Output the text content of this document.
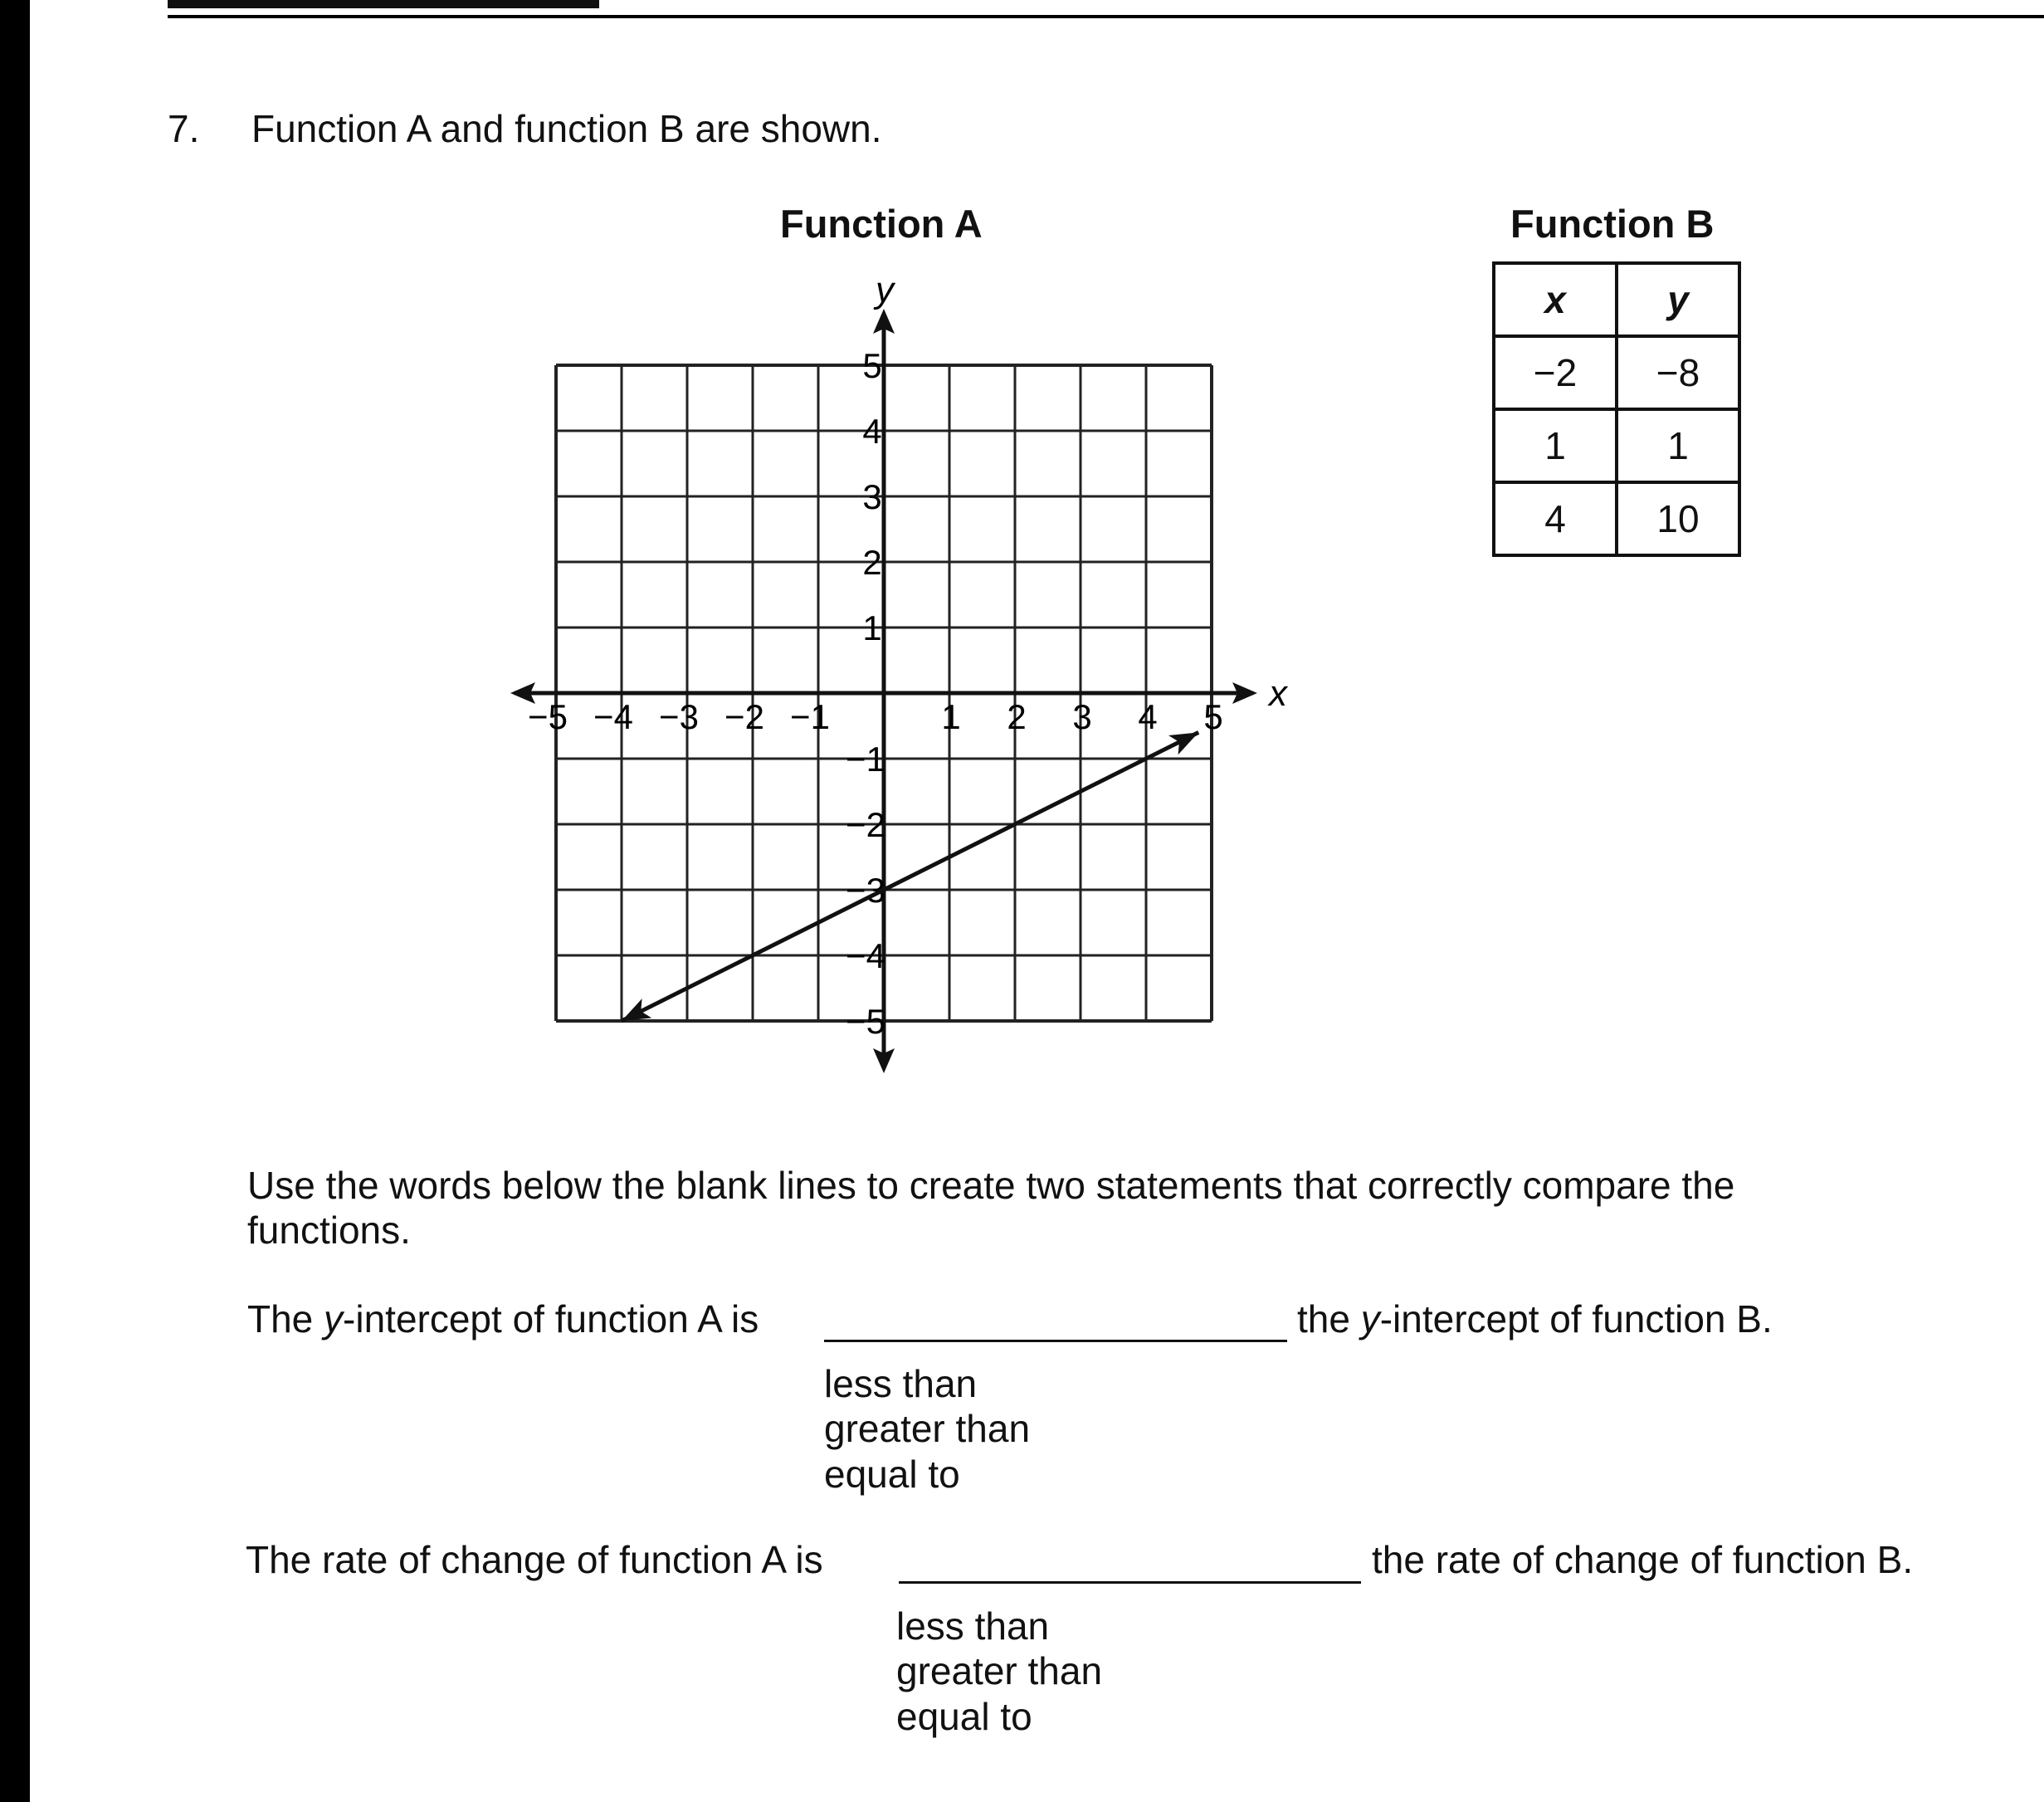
7. Function A and function B are shown.

Function A	Function B

x
y
−5 −4 −3 −2 −1	1 2 3 4 5
1
2
3
4
5
−1
−2
−3
−4
−5
x	y
−2	−8
1	1
4	10

Use the words below the blank lines to create two statements that correctly compare the functions.

The y-intercept of function A is	the y-intercept of function B.

less than
greater than
equal to

The rate of change of function A is	the rate of change of function B.

less than
greater than
equal to
